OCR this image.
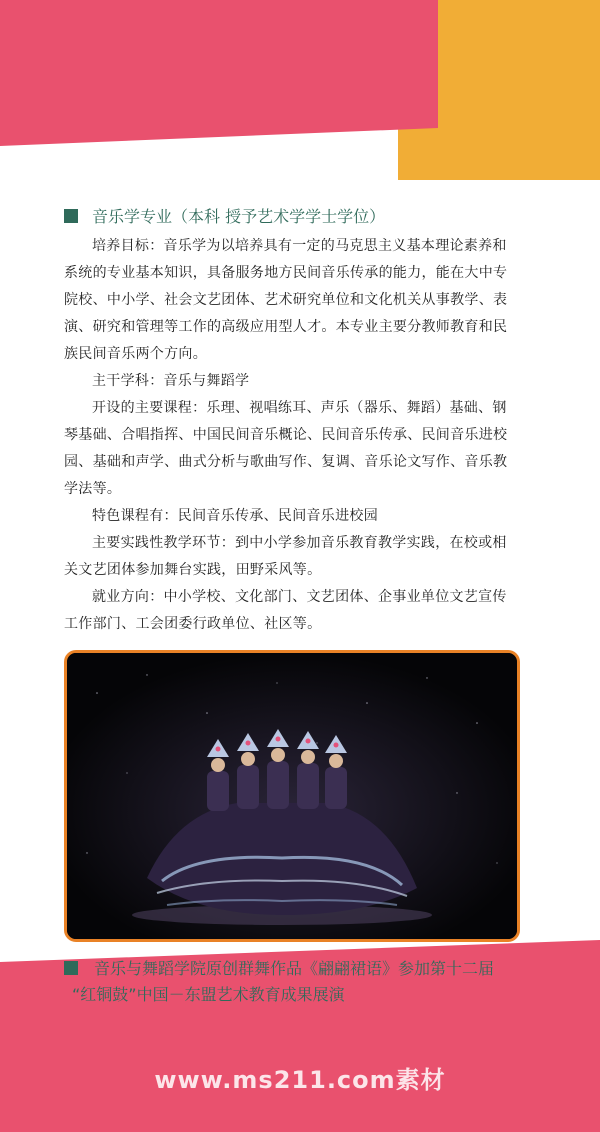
音乐学专业（本科 授予艺术学学士学位）

培养目标：音乐学为以培养具有一定的马克思主义基本理论素养和系统的专业基本知识，具备服务地方民间音乐传承的能力，能在大中专院校、中小学、社会文艺团体、艺术研究单位和文化机关从事教学、表演、研究和管理等工作的高级应用型人才。本专业主要分教师教育和民族民间音乐两个方向。

主干学科：音乐与舞蹈学

开设的主要课程：乐理、视唱练耳、声乐（器乐、舞蹈）基础、钢琴基础、合唱指挥、中国民间音乐概论、民间音乐传承、民间音乐进校园、基础和声学、曲式分析与歌曲写作、复调、音乐论文写作、音乐教学法等。

特色课程有：民间音乐传承、民间音乐进校园

主要实践性教学环节：到中小学参加音乐教育教学实践，在校或相关文艺团体参加舞台实践，田野采风等。

就业方向：中小学校、文化部门、文艺团体、企事业单位文艺宣传工作部门、工会团委行政单位、社区等。

音乐与舞蹈学院原创群舞作品《翩翩裙语》参加第十二届
“红铜鼓”中国－东盟艺术教育成果展演
www.ms211.com素材
